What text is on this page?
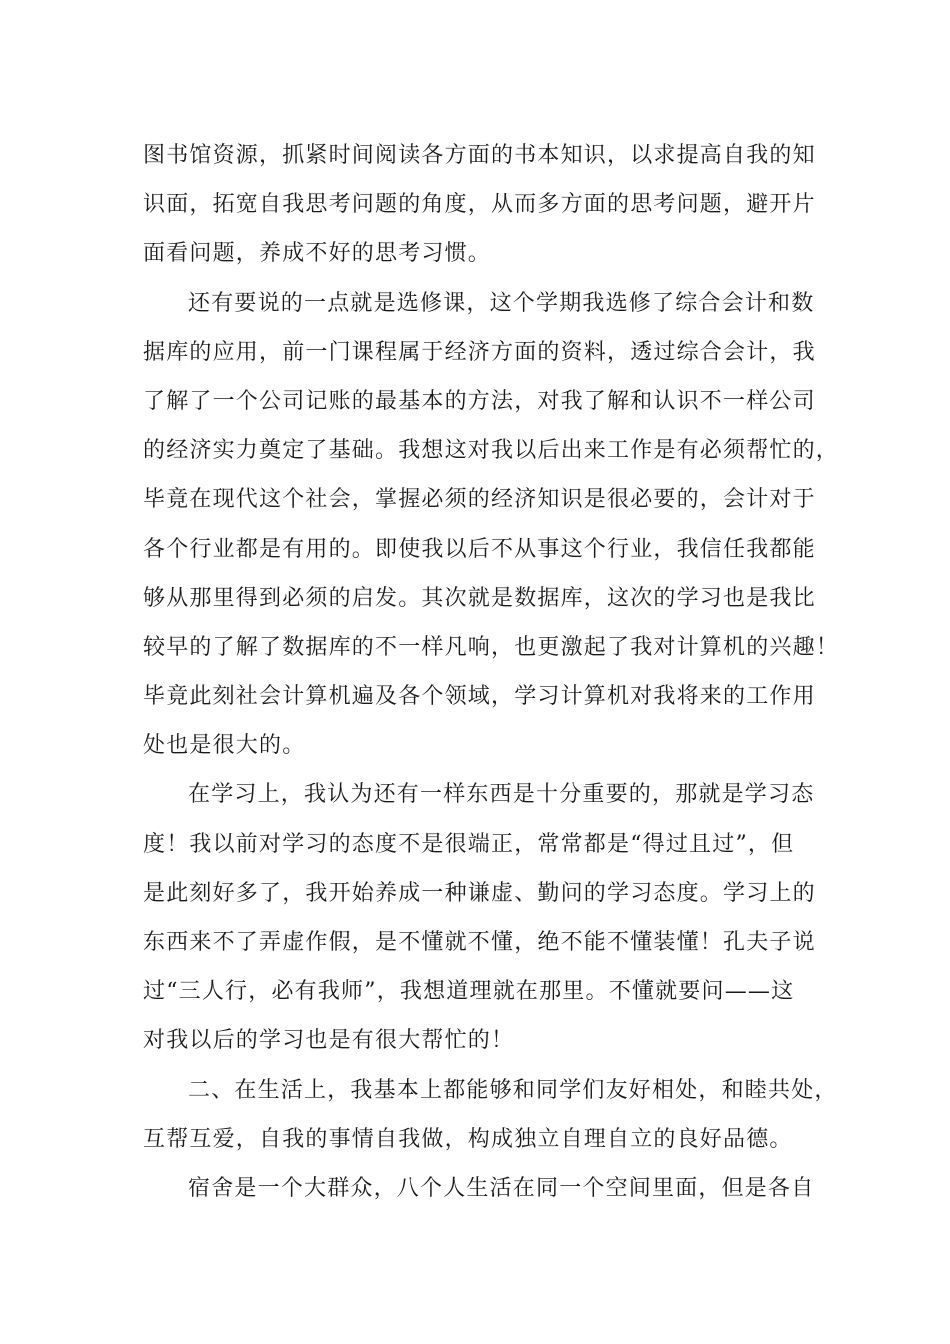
图书馆资源，抓紧时间阅读各方面的书本知识，以求提高自我的知
识面，拓宽自我思考问题的角度，从而多方面的思考问题，避开片
面看问题，养成不好的思考习惯。
还有要说的一点就是选修课，这个学期我选修了综合会计和数
据库的应用，前一门课程属于经济方面的资料，透过综合会计，我
了解了一个公司记账的最基本的方法，对我了解和认识不一样公司
的经济实力奠定了基础。我想这对我以后出来工作是有必须帮忙的，
毕竟在现代这个社会，掌握必须的经济知识是很必要的，会计对于
各个行业都是有用的。即使我以后不从事这个行业，我信任我都能
够从那里得到必须的启发。其次就是数据库，这次的学习也是我比
较早的了解了数据库的不一样凡响，也更激起了我对计算机的兴趣！
毕竟此刻社会计算机遍及各个领域，学习计算机对我将来的工作用
处也是很大的。
在学习上，我认为还有一样东西是十分重要的，那就是学习态
度！我以前对学习的态度不是很端正，常常都是“得过且过”，但
是此刻好多了，我开始养成一种谦虚、勤问的学习态度。学习上的
东西来不了弄虚作假，是不懂就不懂，绝不能不懂装懂！孔夫子说
过“三人行，必有我师”，我想道理就在那里。不懂就要问——这
对我以后的学习也是有很大帮忙的！
二、在生活上，我基本上都能够和同学们友好相处，和睦共处，
互帮互爱，自我的事情自我做，构成独立自理自立的良好品德。
宿舍是一个大群众，八个人生活在同一个空间里面，但是各自
